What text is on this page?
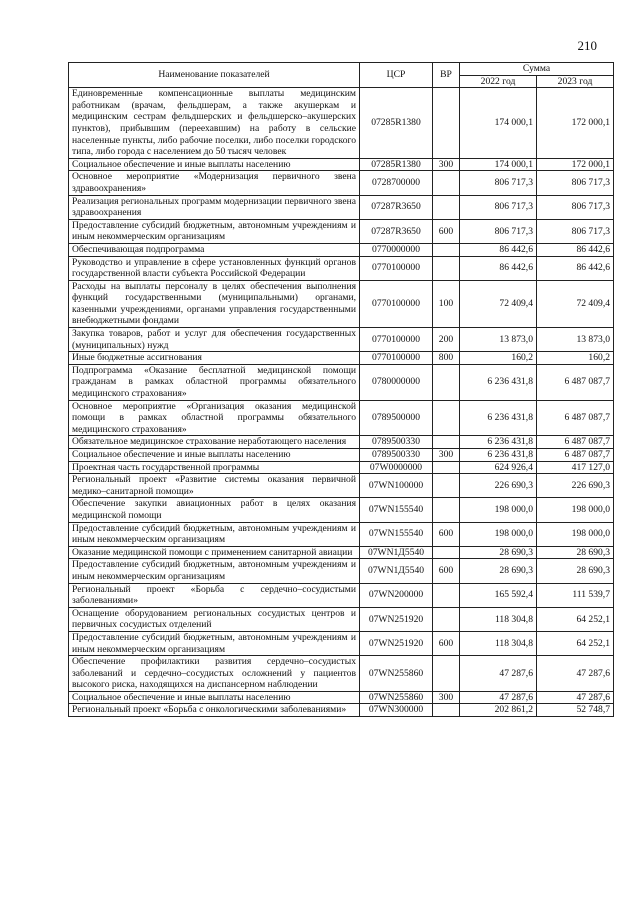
210
Наименование показателей	ЦСР	ВР	Сумма	
			2022 год	2023 год
Единовременные компенсационные выплаты медицинским работникам (врачам, фельдшерам, а также акушеркам и медицинским сестрам фельдшерских и фельдшерско–акушерских пунктов), прибывшим (переехавшим) на работу в сельские населенные пункты, либо рабочие поселки, либо поселки городского типа, либо города с населением до 50 тысяч человек	07285R1380		174 000,1	172 000,1
Социальное обеспечение и иные выплаты населению	07285R1380	300	174 000,1	172 000,1
Основное мероприятие «Модернизация первичного звена здравоохранения»	0728700000		806 717,3	806 717,3
Реализация региональных программ модернизации первичного звена здравоохранения	07287R3650		806 717,3	806 717,3
Предоставление субсидий бюджетным, автономным учреждениям и иным некоммерческим организациям	07287R3650	600	806 717,3	806 717,3
Обеспечивающая подпрограмма	0770000000		86 442,6	86 442,6
Руководство и управление в сфере установленных функций органов государственной власти субъекта Российской Федерации	0770100000		86 442,6	86 442,6
Расходы на выплаты персоналу в целях обеспечения выполнения функций государственными (муниципальными) органами, казенными учреждениями, органами управления государственными внебюджетными фондами	0770100000	100	72 409,4	72 409,4
Закупка товаров, работ и услуг для обеспечения государственных (муниципальных) нужд	0770100000	200	13 873,0	13 873,0
Иные бюджетные ассигнования	0770100000	800	160,2	160,2
Подпрограмма «Оказание бесплатной медицинской помощи гражданам в рамках областной программы обязательного медицинского страхования»	0780000000		6 236 431,8	6 487 087,7
Основное мероприятие «Организация оказания медицинской помощи в рамках областной программы обязательного медицинского страхования»	0789500000		6 236 431,8	6 487 087,7
Обязательное медицинское страхование неработающего населения	0789500330		6 236 431,8	6 487 087,7
Социальное обеспечение и иные выплаты населению	0789500330	300	6 236 431,8	6 487 087,7
Проектная часть государственной программы	07W0000000		624 926,4	417 127,0
Региональный проект «Развитие системы оказания первичной медико–санитарной помощи»	07WN100000		226 690,3	226 690,3
Обеспечение закупки авиационных работ в целях оказания медицинской помощи	07WN155540		198 000,0	198 000,0
Предоставление субсидий бюджетным, автономным учреждениям и иным некоммерческим организациям	07WN155540	600	198 000,0	198 000,0
Оказание медицинской помощи с применением санитарной авиации	07WN1Д5540		28 690,3	28 690,3
Предоставление субсидий бюджетным, автономным учреждениям и иным некоммерческим организациям	07WN1Д5540	600	28 690,3	28 690,3
Региональный проект «Борьба с сердечно–сосудистыми заболеваниями»	07WN200000		165 592,4	111 539,7
Оснащение оборудованием региональных сосудистых центров и первичных сосудистых отделений	07WN251920		118 304,8	64 252,1
Предоставление субсидий бюджетным, автономным учреждениям и иным некоммерческим организациям	07WN251920	600	118 304,8	64 252,1
Обеспечение профилактики развития сердечно–сосудистых заболеваний и сердечно–сосудистых осложнений у пациентов высокого риска, находящихся на диспансерном наблюдении	07WN255860		47 287,6	47 287,6
Социальное обеспечение и иные выплаты населению	07WN255860	300	47 287,6	47 287,6
Региональный проект «Борьба с онкологическими заболеваниями»	07WN300000		202 861,2	52 748,7
